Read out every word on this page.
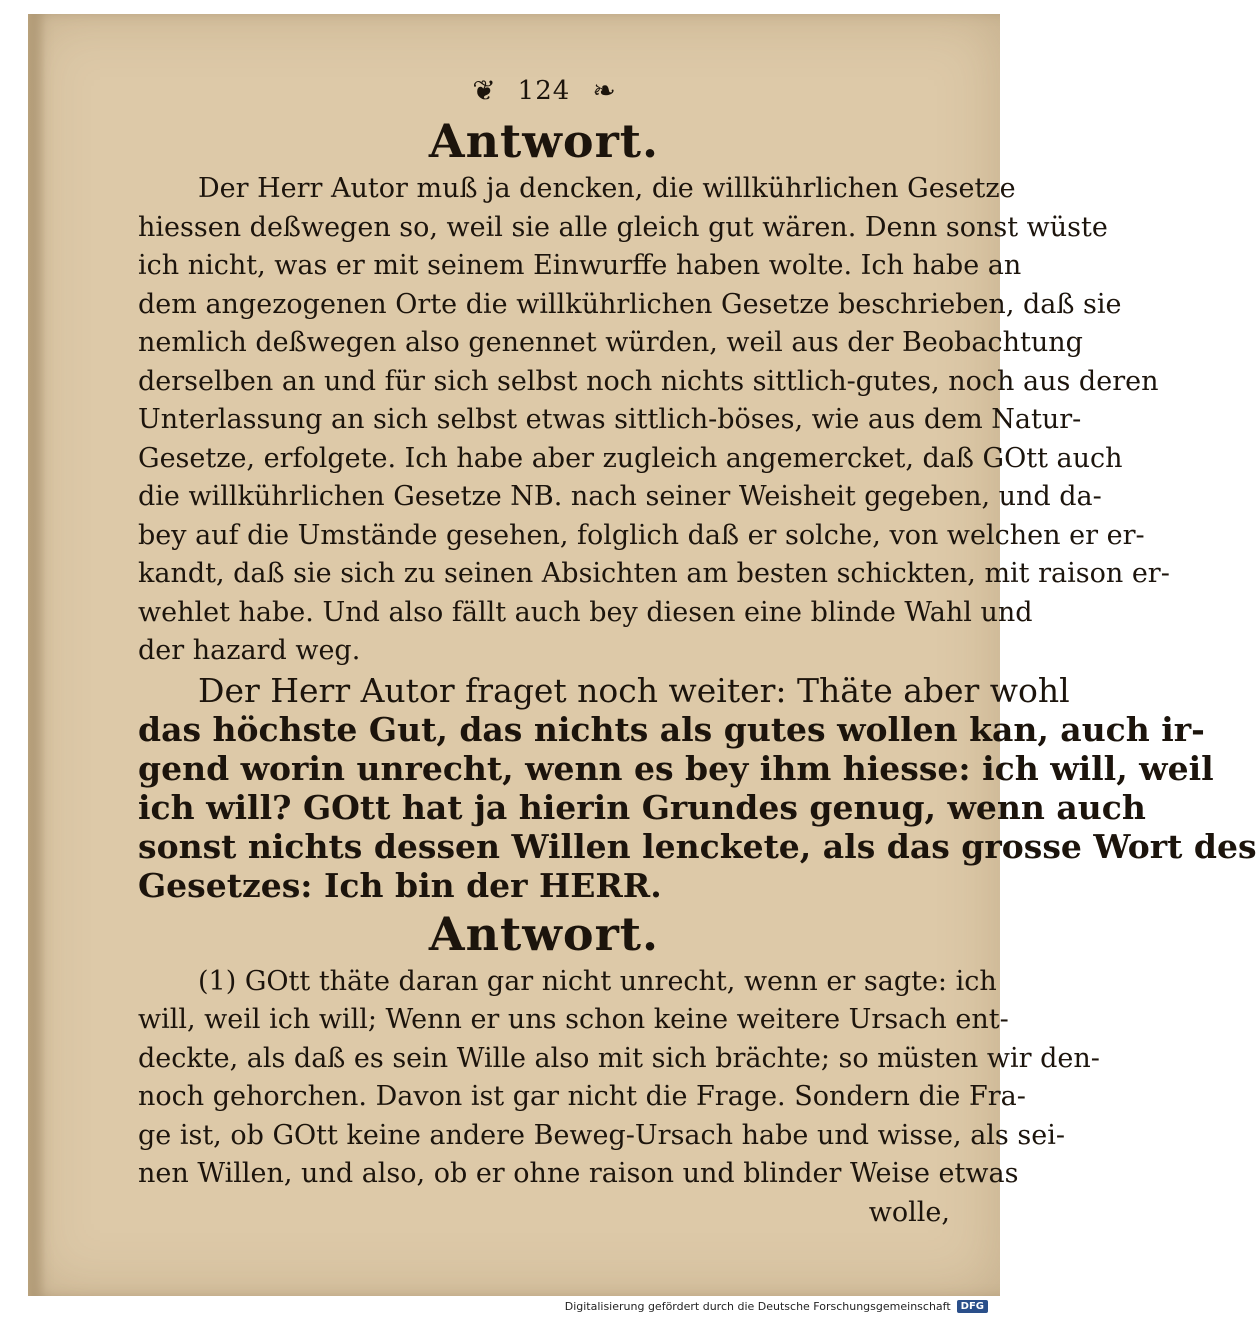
❦ 124 ❧
Antwort.
Der Herr Autor muß ja dencken, die willkührlichen Gesetze
hiessen deßwegen so, weil sie alle gleich gut wären. Denn sonst wüste
ich nicht, was er mit seinem Einwurffe haben wolte. Ich habe an
dem angezogenen Orte die willkührlichen Gesetze beschrieben, daß sie
nemlich deßwegen also genennet würden, weil aus der Beobachtung
derselben an und für sich selbst noch nichts sittlich-gutes, noch aus deren
Unterlassung an sich selbst etwas sittlich-böses, wie aus dem Natur-
Gesetze, erfolgete. Ich habe aber zugleich angemercket, daß GOtt auch
die willkührlichen Gesetze NB. nach seiner Weisheit gegeben, und da-
bey auf die Umstände gesehen, folglich daß er solche, von welchen er er-
kandt, daß sie sich zu seinen Absichten am besten schickten, mit raison er-
wehlet habe. Und also fällt auch bey diesen eine blinde Wahl und
der hazard weg.
Der Herr Autor fraget noch weiter: Thäte aber wohl
das höchste Gut, das nichts als gutes wollen kan, auch ir-
gend worin unrecht, wenn es bey ihm hiesse: ich will, weil
ich will? GOtt hat ja hierin Grundes genug, wenn auch
sonst nichts dessen Willen lenckete, als das grosse Wort des
Gesetzes: Ich bin der HERR.
Antwort.
(1) GOtt thäte daran gar nicht unrecht, wenn er sagte: ich
will, weil ich will; Wenn er uns schon keine weitere Ursach ent-
deckte, als daß es sein Wille also mit sich brächte; so müsten wir den-
noch gehorchen. Davon ist gar nicht die Frage. Sondern die Fra-
ge ist, ob GOtt keine andere Beweg-Ursach habe und wisse, als sei-
nen Willen, und also, ob er ohne raison und blinder Weise etwas
wolle,
Digitalisierung gefördert durch die Deutsche Forschungsgemeinschaft	DFG
